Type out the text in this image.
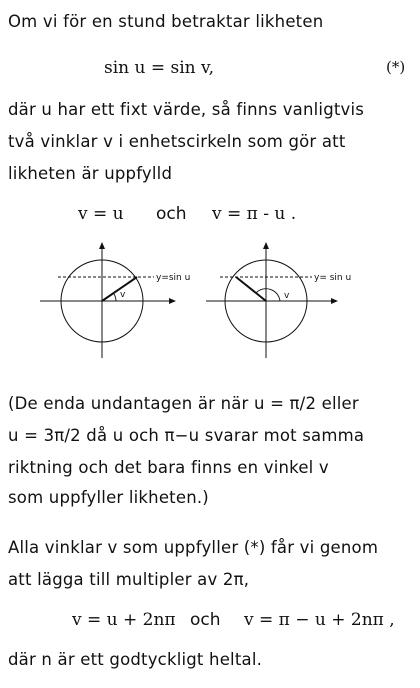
Om vi för en stund betraktar likheten
sin u = sin v,	(*)
där u har ett fixt värde, så finns vanligtvis
två vinklar v i enhetscirkeln som gör att
likheten är uppfylld
v = u och v = π - u .
v
y=sin u
v
y= sin u
(De enda undantagen är när u = π/2 eller
u = 3π/2 då u och π−u svarar mot samma
riktning och det bara finns en vinkel v
som uppfyller likheten.)
Alla vinklar v som uppfyller (*) får vi genom
att lägga till multipler av 2π,
v = u + 2nπ och v = π − u + 2nπ ,
där n är ett godtyckligt heltal.
